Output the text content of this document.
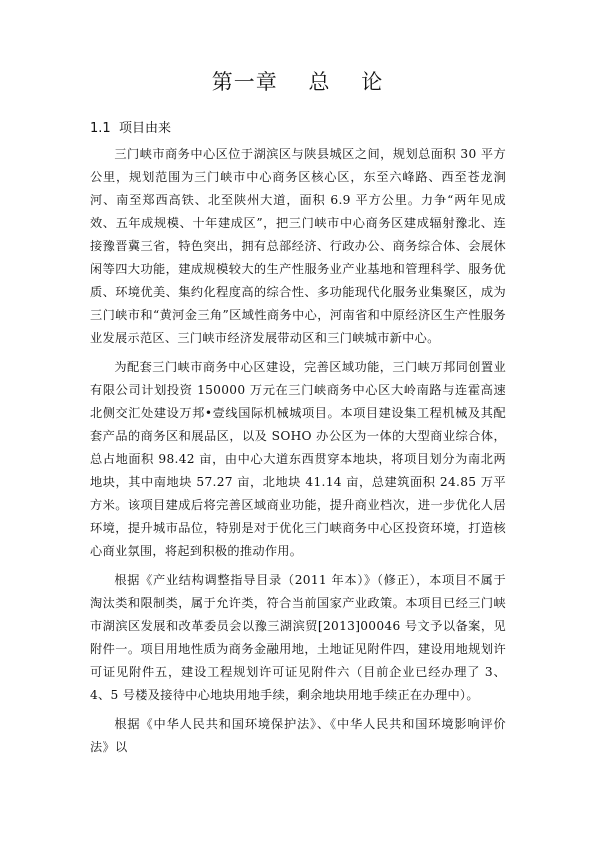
第一章    总    论
1.1  项目由来

三门峡市商务中心区位于湖滨区与陕县城区之间，规划总面积 30 平方公里，规划范围为三门峡市中心商务区核心区，东至六峰路、西至苍龙涧河、南至郑西高铁、北至陕州大道，面积 6.9 平方公里。力争“两年见成效、五年成规模、十年建成区”，把三门峡市中心商务区建成辐射豫北、连接豫晋冀三省，特色突出，拥有总部经济、行政办公、商务综合体、会展休闲等四大功能，建成规模较大的生产性服务业产业基地和管理科学、服务优质、环境优美、集约化程度高的综合性、多功能现代化服务业集聚区，成为三门峡市和“黄河金三角”区域性商务中心，河南省和中原经济区生产性服务业发展示范区、三门峡市经济发展带动区和三门峡城市新中心。

为配套三门峡市商务中心区建设，完善区域功能，三门峡万邦同创置业有限公司计划投资 150000 万元在三门峡商务中心区大岭南路与连霍高速北侧交汇处建设万邦•壹线国际机械城项目。本项目建设集工程机械及其配套产品的商务区和展品区，以及 SOHO 办公区为一体的大型商业综合体，总占地面积 98.42 亩，由中心大道东西贯穿本地块，将项目划分为南北两地块，其中南地块 57.27 亩，北地块 41.14 亩，总建筑面积 24.85 万平方米。该项目建成后将完善区域商业功能，提升商业档次，进一步优化人居环境，提升城市品位，特别是对于优化三门峡商务中心区投资环境，打造核心商业氛围，将起到积极的推动作用。

根据《产业结构调整指导目录（2011 年本）》（修正），本项目不属于淘汰类和限制类，属于允许类，符合当前国家产业政策。本项目已经三门峡市湖滨区发展和改革委员会以豫三湖滨贸[2013]00046 号文予以备案，见附件一。项目用地性质为商务金融用地，土地证见附件四，建设用地规划许可证见附件五，建设工程规划许可证见附件六（目前企业已经办理了 3、4、5 号楼及接待中心地块用地手续，剩余地块用地手续正在办理中）。

根据《中华人民共和国环境保护法》、《中华人民共和国环境影响评价法》以
